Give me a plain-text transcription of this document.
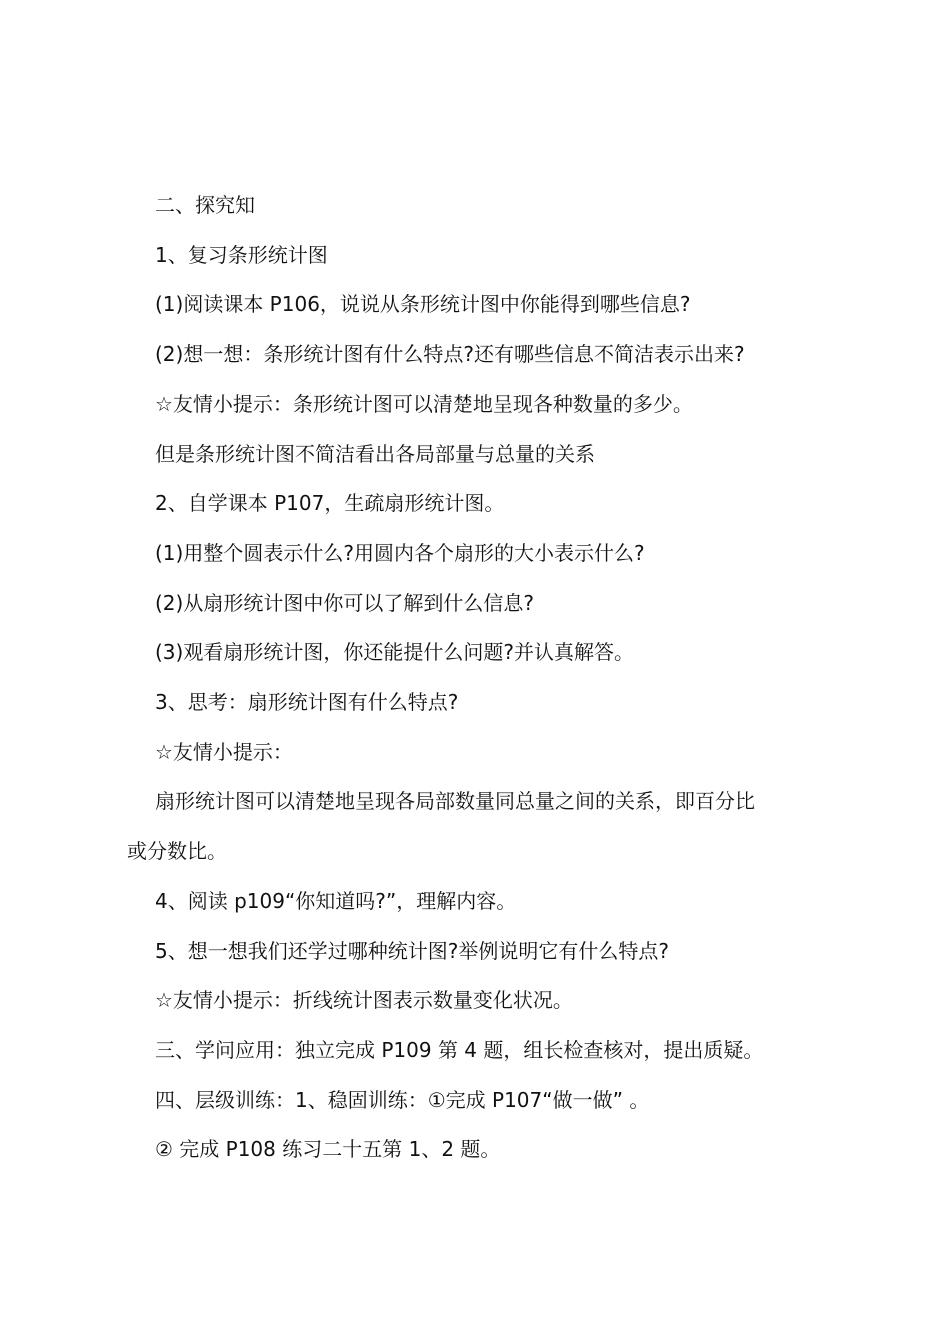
二、探究知

1、复习条形统计图

(1)阅读课本 P106，说说从条形统计图中你能得到哪些信息?

(2)想一想：条形统计图有什么特点?还有哪些信息不简洁表示出来?

☆友情小提示：条形统计图可以清楚地呈现各种数量的多少。

但是条形统计图不简洁看出各局部量与总量的关系

2、自学课本 P107，生疏扇形统计图。

(1)用整个圆表示什么?用圆内各个扇形的大小表示什么?

(2)从扇形统计图中你可以了解到什么信息?

(3)观看扇形统计图，你还能提什么问题?并认真解答。

3、思考：扇形统计图有什么特点?

☆友情小提示：

扇形统计图可以清楚地呈现各局部数量同总量之间的关系，即百分比

或分数比。

4、阅读 p109“你知道吗?”，理解内容。

5、想一想我们还学过哪种统计图?举例说明它有什么特点?

☆友情小提示：折线统计图表示数量变化状况。

三、学问应用：独立完成 P109 第 4 题，组长检查核对，提出质疑。

四、层级训练：1、稳固训练：①完成 P107“做一做” 。

② 完成 P108 练习二十五第 1、2 题。
